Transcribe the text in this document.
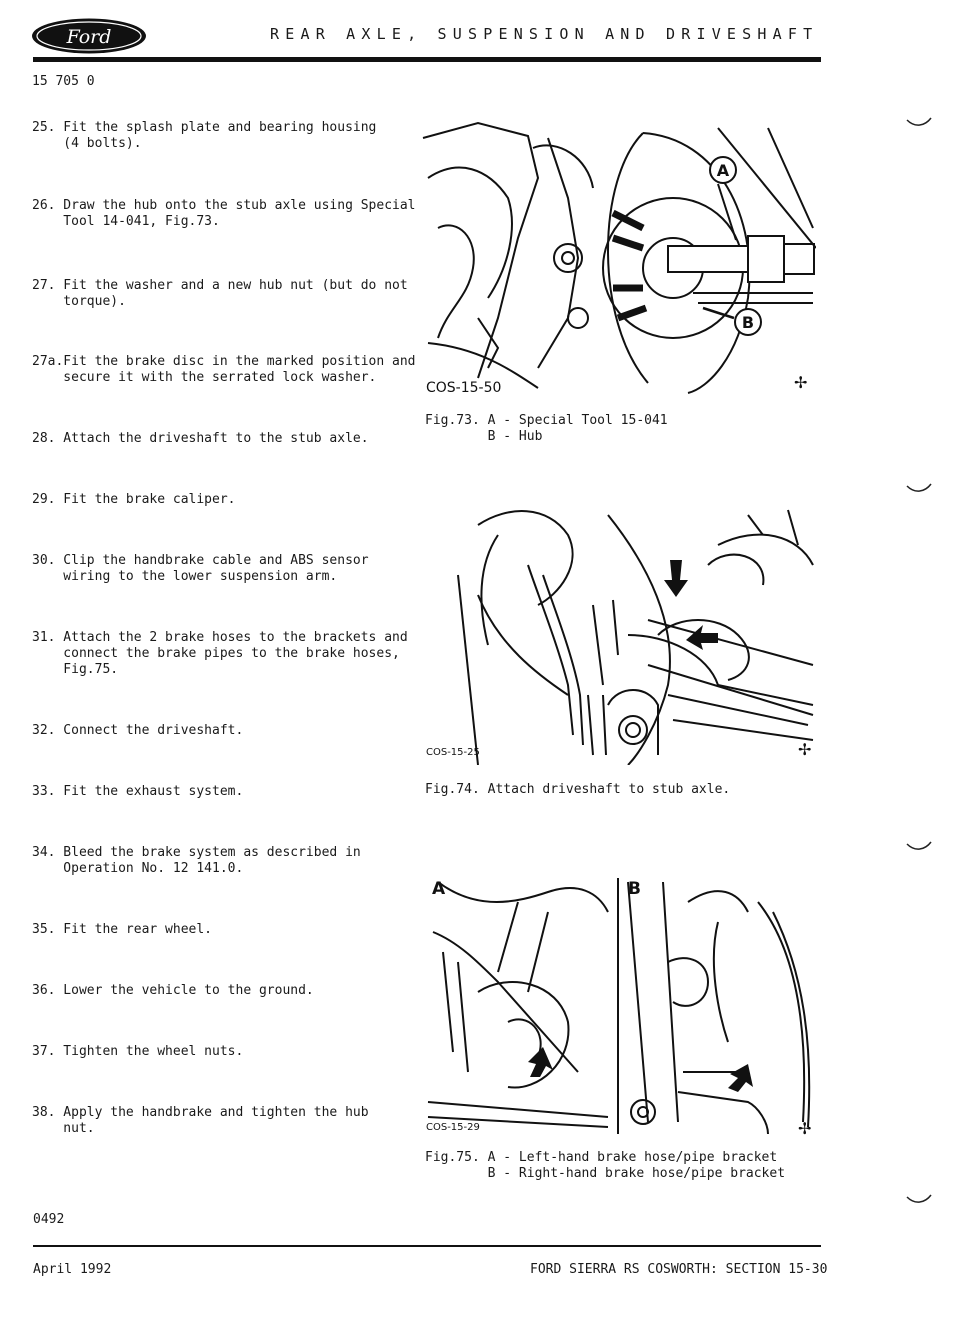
Ford	REAR AXLE, SUSPENSION AND DRIVESHAFT
15 705 0
25. Fit the splash plate and bearing housing
(4 bolts).
26. Draw the hub onto the stub axle using Special
Tool 14-041, Fig.73.
27. Fit the washer and a new hub nut (but do not
torque).
27a.Fit the brake disc in the marked position and
secure it with the serrated lock washer.
28. Attach the driveshaft to the stub axle.
29. Fit the brake caliper.
30. Clip the handbrake cable and ABS sensor
wiring to the lower suspension arm.
31. Attach the 2 brake hoses to the brackets and
connect the brake pipes to the brake hoses,
Fig.75.
32. Connect the driveshaft.
33. Fit the exhaust system.
34. Bleed the brake system as described in
Operation No. 12 141.0.
35. Fit the rear wheel.
36. Lower the vehicle to the ground.
37. Tighten the wheel nuts.
38. Apply the handbrake and tighten the hub
nut.
A
B
COS-15-50	✢
Fig.73. A - Special Tool 15-041
B - Hub
COS-15-25	✢
Fig.74. Attach driveshaft to stub axle.
A	B
COS-15-29	✢
Fig.75. A - Left-hand brake hose/pipe bracket
B - Right-hand brake hose/pipe bracket
0492
April 1992	FORD SIERRA RS COSWORTH: SECTION 15-30
